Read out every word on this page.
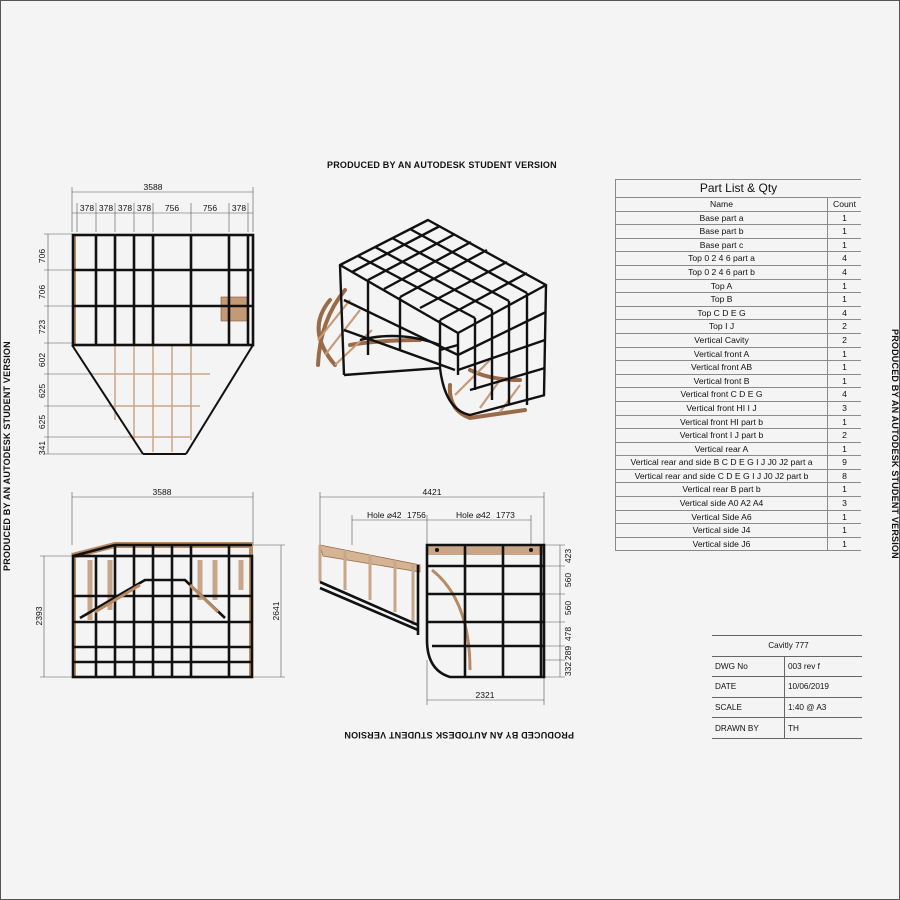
PRODUCED BY AN AUTODESK STUDENT VERSION
PRODUCED BY AN AUTODESK STUDENT VERSION
PRODUCED BY AN AUTODESK STUDENT VERSION	PRODUCED BY AN AUTODESK STUDENT VERSION
3588
378 378 378 378 756	756 378
706
706
723
602
625
625
341
3588
2393	2641
4421
Hole ⌀42 1756	Hole ⌀42 1773
423
560
560
478
289
332
2321
Part List & Qty	
Name	Count
Base part a	1
Base part b	1
Base part c	1
Top 0 2 4 6 part a	4
Top 0 2 4 6 part b	4
Top A	1
Top B	1
Top C D E G	4
Top I J	2
Vertical Cavity	2
Vertical front A	1
Vertical front AB	1
Vertical front B	1
Vertical front C D E G	4
Vertical front HI I J	3
Vertical front HI part b	1
Vertical front I J part b	2
Vertical rear A	1
Vertical rear and side B C D E G I J J0 J2 part a	9
Vertical rear and side C D E G I J J0 J2 part b	8
Vertical rear B part b	1
Vertical side A0 A2 A4	3
Vertical Side A6	1
Vertical side J4	1
Vertical side J6	1
Cavitly 777	
DWG No	003 rev f
DATE	10/06/2019
SCALE	1:40 @ A3
DRAWN BY	TH
